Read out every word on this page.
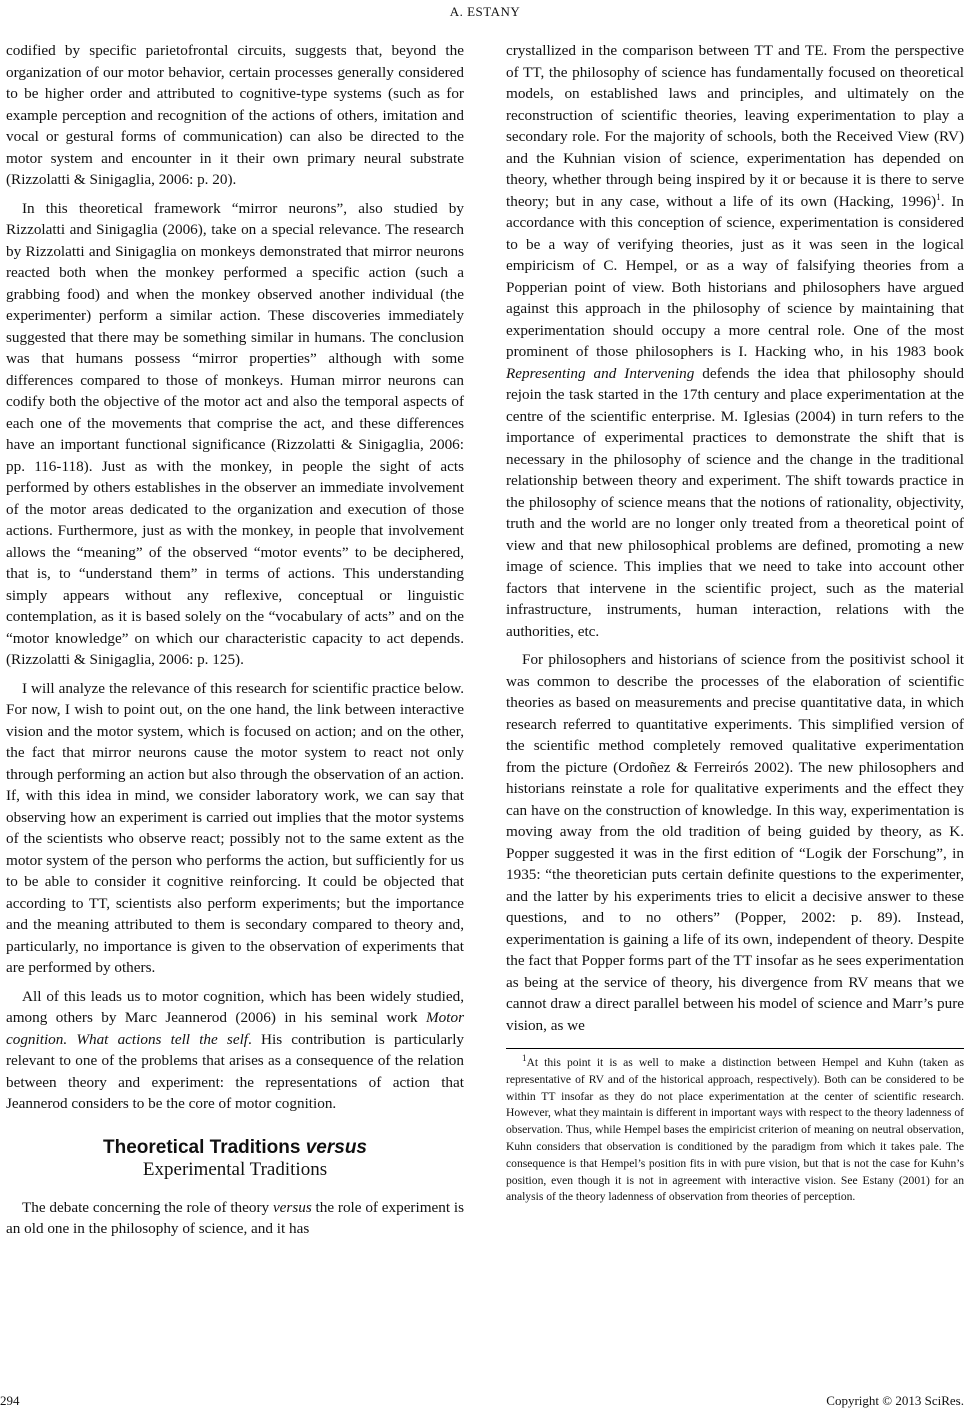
A. ESTANY

codified by specific parietofrontal circuits, suggests that, beyond the organization of our motor behavior, certain processes generally considered to be higher order and attributed to cognitive-type systems (such as for example perception and recognition of the actions of others, imitation and vocal or gestural forms of communication) can also be directed to the motor system and encounter in it their own primary neural substrate (Rizzolatti & Sinigaglia, 2006: p. 20).

In this theoretical framework “mirror neurons”, also studied by Rizzolatti and Sinigaglia (2006), take on a special relevance. The research by Rizzolatti and Sinigaglia on monkeys demonstrated that mirror neurons reacted both when the monkey performed a specific action (such a grabbing food) and when the monkey observed another individual (the experimenter) perform a similar action. These discoveries immediately suggested that there may be something similar in humans. The conclusion was that humans possess “mirror properties” although with some differences compared to those of monkeys. Human mirror neurons can codify both the objective of the motor act and also the temporal aspects of each one of the movements that comprise the act, and these differences have an important functional significance (Rizzolatti & Sinigaglia, 2006: pp. 116-118). Just as with the monkey, in people the sight of acts performed by others establishes in the observer an immediate involvement of the motor areas dedicated to the organization and execution of those actions. Furthermore, just as with the monkey, in people that involvement allows the “meaning” of the observed “motor events” to be deciphered, that is, to “understand them” in terms of actions. This understanding simply appears without any reflexive, conceptual or linguistic contemplation, as it is based solely on the “vocabulary of acts” and on the “motor knowledge” on which our characteristic capacity to act depends. (Rizzolatti & Sinigaglia, 2006: p. 125).

I will analyze the relevance of this research for scientific practice below. For now, I wish to point out, on the one hand, the link between interactive vision and the motor system, which is focused on action; and on the other, the fact that mirror neurons cause the motor system to react not only through performing an action but also through the observation of an action. If, with this idea in mind, we consider laboratory work, we can say that observing how an experiment is carried out implies that the motor systems of the scientists who observe react; possibly not to the same extent as the motor system of the person who performs the action, but sufficiently for us to be able to consider it cognitive reinforcing. It could be objected that according to TT, scientists also perform experiments; but the importance and the meaning attributed to them is secondary compared to theory and, particularly, no importance is given to the observation of experiments that are performed by others.

All of this leads us to motor cognition, which has been widely studied, among others by Marc Jeannerod (2006) in his seminal work Motor cognition. What actions tell the self. His contribution is particularly relevant to one of the problems that arises as a consequence of the relation between theory and experiment: the representations of action that Jeannerod considers to be the core of motor cognition.

Theoretical Traditions versus
Experimental Traditions

The debate concerning the role of theory versus the role of experiment is an old one in the philosophy of science, and it has

crystallized in the comparison between TT and TE. From the perspective of TT, the philosophy of science has fundamentally focused on theoretical models, on established laws and principles, and ultimately on the reconstruction of scientific theories, leaving experimentation to play a secondary role. For the majority of schools, both the Received View (RV) and the Kuhnian vision of science, experimentation has depended on theory, whether through being inspired by it or because it is there to serve theory; but in any case, without a life of its own (Hacking, 1996)$^1$. In accordance with this conception of science, experimentation is considered to be a way of verifying theories, just as it was seen in the logical empiricism of C. Hempel, or as a way of falsifying theories from a Popperian point of view. Both historians and philosophers have argued against this approach in the philosophy of science by maintaining that experimentation should occupy a more central role. One of the most prominent of those philosophers is I. Hacking who, in his 1983 book Representing and Intervening defends the idea that philosophy should rejoin the task started in the 17th century and place experimentation at the centre of the scientific enterprise. M. Iglesias (2004) in turn refers to the importance of experimental practices to demonstrate the shift that is necessary in the philosophy of science and the change in the traditional relationship between theory and experiment. The shift towards practice in the philosophy of science means that the notions of rationality, objectivity, truth and the world are no longer only treated from a theoretical point of view and that new philosophical problems are defined, promoting a new image of science. This implies that we need to take into account other factors that intervene in the scientific project, such as the material infrastructure, instruments, human interaction, relations with the authorities, etc.

For philosophers and historians of science from the positivist school it was common to describe the processes of the elaboration of scientific theories as based on measurements and precise quantitative data, in which research referred to quantitative experiments. This simplified version of the scientific method completely removed qualitative experimentation from the picture (Ordoñez & Ferreirós 2002). The new philosophers and historians reinstate a role for qualitative experiments and the effect they can have on the construction of knowledge. In this way, experimentation is moving away from the old tradition of being guided by theory, as K. Popper suggested it was in the first edition of “Logik der Forschung”, in 1935: “the theoretician puts certain definite questions to the experimenter, and the latter by his experiments tries to elicit a decisive answer to these questions, and to no others” (Popper, 2002: p. 89). Instead, experimentation is gaining a life of its own, independent of theory. Despite the fact that Popper forms part of the TT insofar as he sees experimentation as being at the service of theory, his divergence from RV means that we cannot draw a direct parallel between his model of science and Marr’s pure vision, as we

$^1$At this point it is as well to make a distinction between Hempel and Kuhn (taken as representative of RV and of the historical approach, respectively). Both can be considered to be within TT insofar as they do not place experimentation at the center of scientific research. However, what they maintain is different in important ways with respect to the theory ladenness of observation. Thus, while Hempel bases the empiricist criterion of meaning on neutral observation, Kuhn considers that observation is conditioned by the paradigm from which it takes pale. The consequence is that Hempel’s position fits in with pure vision, but that is not the case for Kuhn’s position, even though it is not in agreement with interactive vision. See Estany (2001) for an analysis of the theory ladenness of observation from theories of perception.

294	Copyright © 2013 SciRes.
